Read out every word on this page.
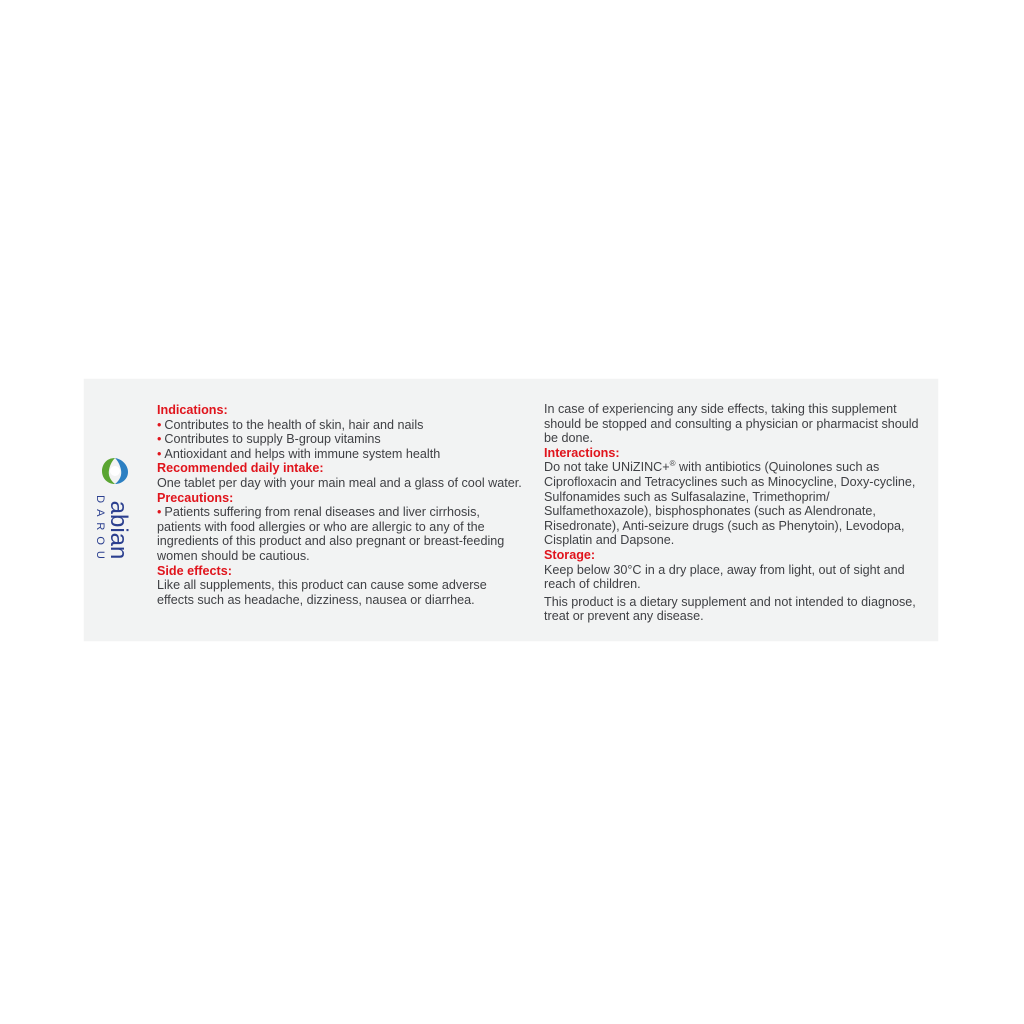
abian
DAROU
Indications:
• Contributes to the health of skin, hair and nails
• Contributes to supply B-group vitamins
• Antioxidant and helps with immune system health
Recommended daily intake:
One tablet per day with your main meal and a glass of cool water.
Precautions:
• Patients suffering from renal diseases and liver cirrhosis, patients with food allergies or who are allergic to any of the ingredients of this product and also pregnant or breast-feeding women should be cautious.
Side effects:
Like all supplements, this product can cause some adverse effects such as headache, dizziness, nausea or diarrhea.
In case of experiencing any side effects, taking this supplement should be stopped and consulting a physician or pharmacist should be done.
Interactions:
Do not take UNiZINC+® with antibiotics (Quinolones such as Ciprofloxacin and Tetracyclines such as Minocycline, Doxy-cycline, Sulfonamides such as Sulfasalazine, Trimethoprim/ Sulfamethoxazole), bisphosphonates (such as Alendronate, Risedronate), Anti-seizure drugs (such as Phenytoin), Levodopa, Cisplatin and Dapsone.
Storage:
Keep below 30°C in a dry place, away from light, out of sight and reach of children.
This product is a dietary supplement and not intended to diagnose, treat or prevent any disease.
